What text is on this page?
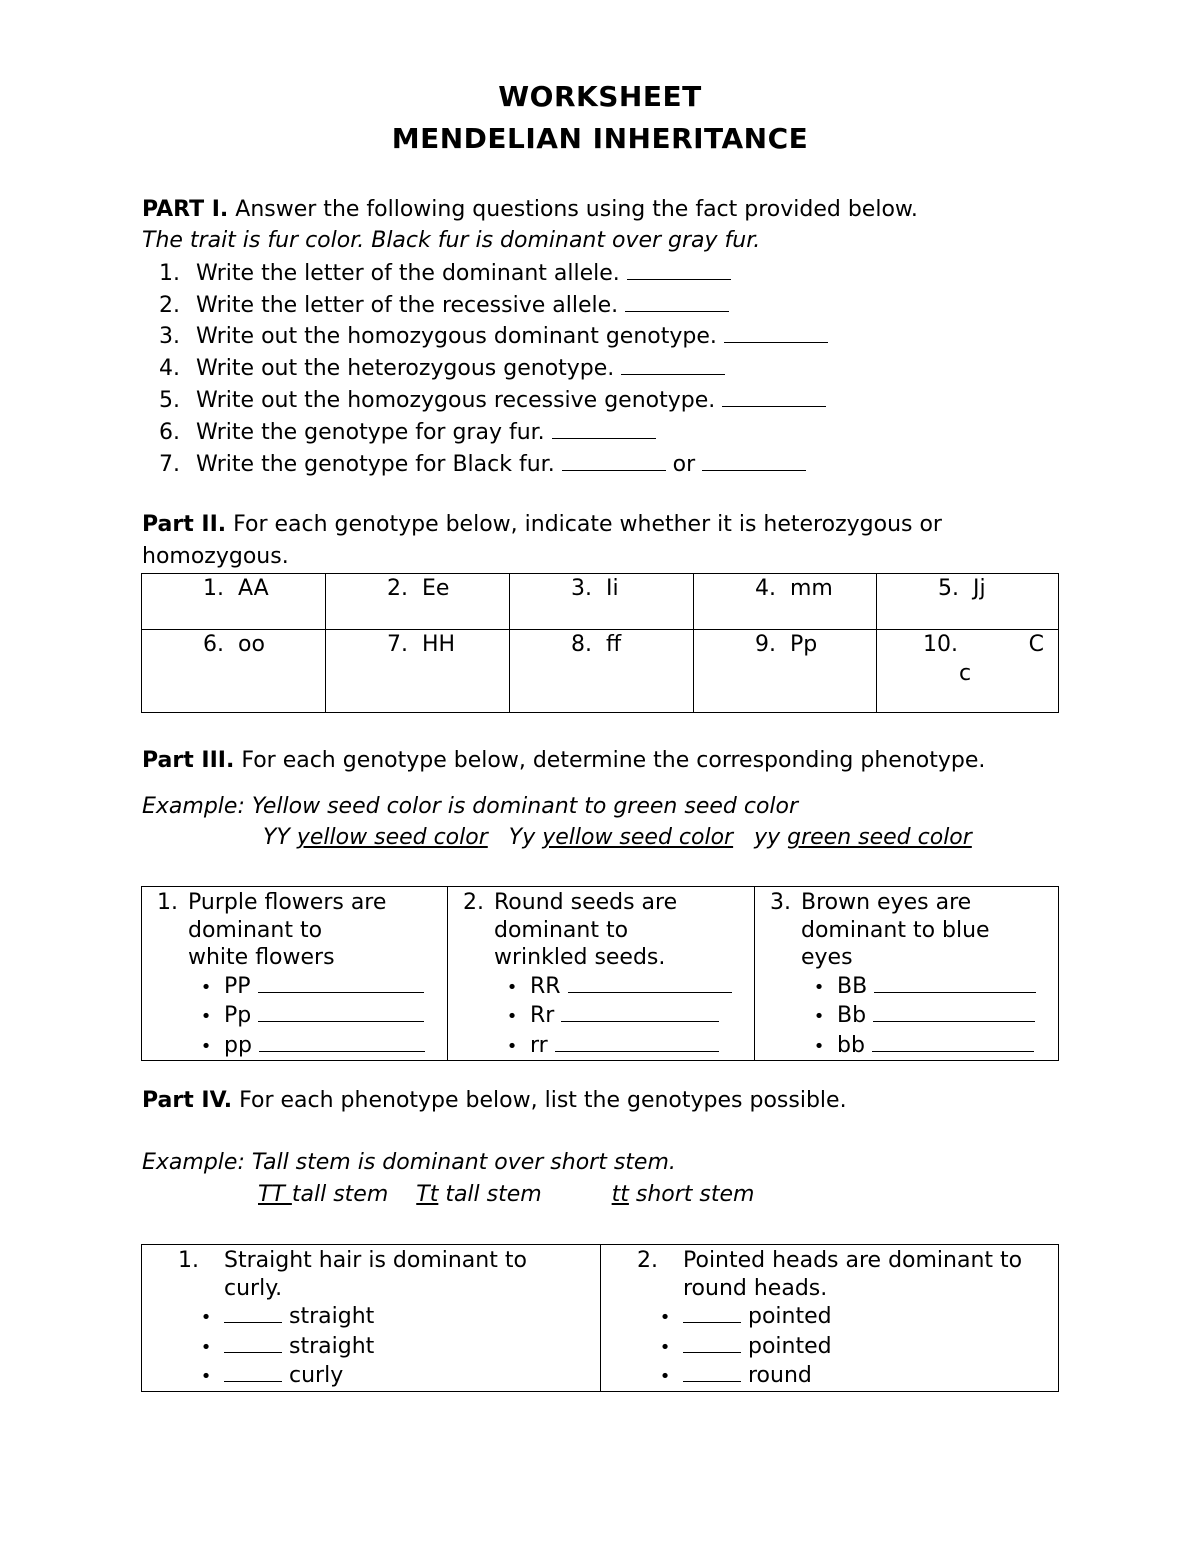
WORKSHEET
MENDELIAN INHERITANCE
PART I. Answer the following questions using the fact provided below.
The trait is fur color. Black fur is dominant over gray fur.
1. Write the letter of the dominant allele.
2. Write the letter of the recessive allele.
3. Write out the homozygous dominant genotype.
4. Write out the heterozygous genotype.
5. Write out the homozygous recessive genotype.
6. Write the genotype for gray fur.
7. Write the genotype for Black fur.	or
Part II. For each genotype below, indicate whether it is heterozygous or
homozygous.
1. AA	2. Ee	3. Ii	4. mm	5. Jj

6. oo	7. HH	8. ff	9. Pp	10. C
c
Part III. For each genotype below, determine the corresponding phenotype.
Example: Yellow seed color is dominant to green seed color
YY yellow seed color Yy yellow seed color yy green seed color
1. Purple flowers are
dominant to
white flowers
• PP

• Pp

• pp

2. Round seeds are
dominant to
wrinkled seeds.
• RR

• Rr

• rr

3. Brown eyes are
dominant to blue
eyes
• BB

• Bb

• bb

Part IV. For each phenotype below, list the genotypes possible.
Example: Tall stem is dominant over short stem.
TT tall stem Tt tall stem	tt short stem
1. Straight hair is dominant to
curly.
•
	straight
•
	straight
•
	curly

2. Pointed heads are dominant to
round heads.
•
	pointed
•
	pointed
•
	round
